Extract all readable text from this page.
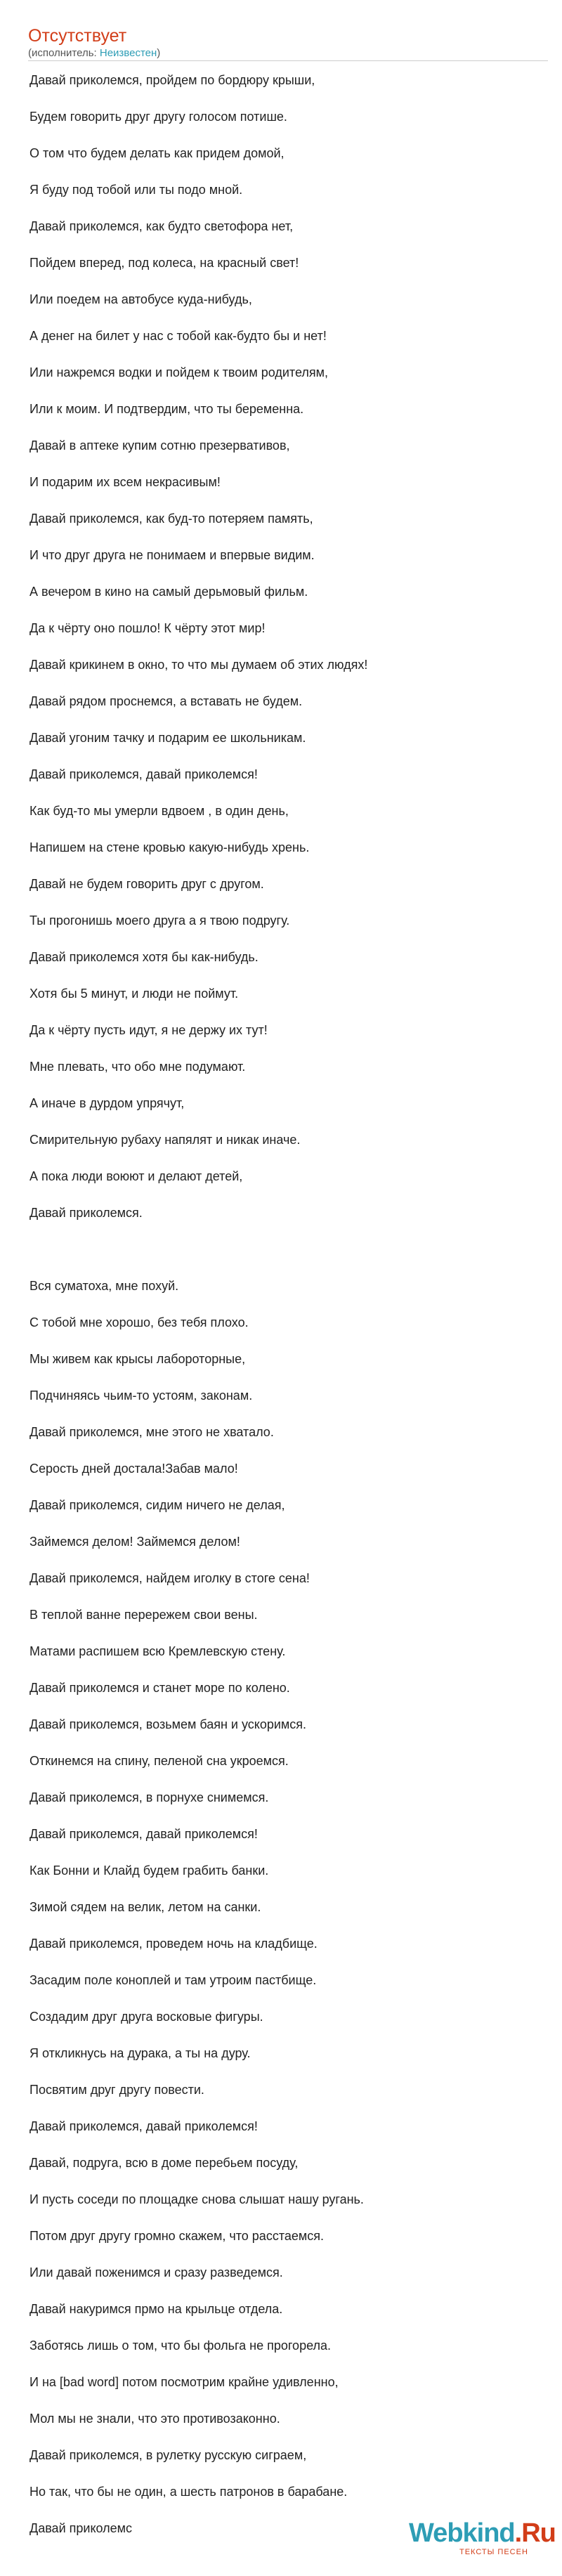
Отсутствует
(исполнитель: Неизвестен)
Давай приколемся, пройдем по бордюру крыши,
Будем говорить друг другу голосом потише.
О том что будем делать как придем домой,
Я буду под тобой или ты подо мной.
Давай приколемся, как будто светофора нет,
Пойдем вперед, под колеса, на красный свет!
Или поедем на автобусе куда-нибудь,
А денег на билет у нас с тобой как-будто бы и нет!
Или нажремся водки и пойдем к твоим родителям,
Или к моим. И подтвердим, что ты беременна.
Давай в аптеке купим сотню презервативов,
И подарим их всем некрасивым!
Давай приколемся, как буд-то потеряем память,
И что друг друга не понимаем и впервые видим.
А вечером в кино на самый дерьмовый фильм.
Да к чёрту оно пошло! К чёрту этот мир!
Давай крикинем в окно, то что мы думаем об этих людях!
Давай рядом проснемся, а вставать не будем.
Давай угоним тачку и подарим ее школьникам.
Давай приколемся, давай приколемся!
Как буд-то мы умерли вдвоем , в один день,
Напишем на стене кровью какую-нибудь хрень.
Давай не будем говорить друг с другом.
Ты прогонишь моего друга а я твою подругу.
Давай приколемся хотя бы как-нибудь.
Хотя бы 5 минут, и люди не поймут.
Да к чёрту пусть идут, я не держу их тут!
Мне плевать, что обо мне подумают.
А иначе в дурдом упрячут,
Смирительную рубаху напялят и никак иначе.
А пока люди воюют и делают детей,
Давай приколемся.
Вся суматоха, мне похуй.
С тобой мне хорошо, без тебя плохо.
Мы живем как крысы лабороторные,
Подчиняясь чьим-то устоям, законам.
Давай приколемся, мне этого не хватало.
Серость дней достала!Забав мало!
Давай приколемся, сидим ничего не делая,
Займемся делом! Займемся делом!
Давай приколемся, найдем иголку в стоге сена!
В теплой ванне перережем свои вены.
Матами распишем всю Кремлевскую стену.
Давай приколемся и станет море по колено.
Давай приколемся, возьмем баян и ускоримся.
Откинемся на спину, пеленой сна укроемся.
Давай приколемся, в порнухе снимемся.
Давай приколемся, давай приколемся!
Как Бонни и Клайд будем грабить банки.
Зимой сядем на велик, летом на санки.
Давай приколемся, проведем ночь на кладбище.
Засадим поле коноплей и там утроим пастбище.
Создадим друг друга восковые фигуры.
Я откликнусь на дурака, а ты на дуру.
Посвятим друг другу повести.
Давай приколемся, давай приколемся!
Давай, подруга, всю в доме перебьем посуду,
И пусть соседи по площадке снова слышат нашу ругань.
Потом друг другу громно скажем, что расстаемся.
Или давай поженимся и сразу разведемся.
Давай накуримся прмо на крыльце отдела.
Заботясь лишь о том, что бы фольга не прогорела.
И на [bad word] потом посмотрим крайне удивленно,
Мол мы не знали, что это противозаконно.
Давай приколемся, в рулетку русскую сиграем,
Но так, что бы не один, а шесть патронов в барабане.
Давай приколемс	Webkind.Ru
ТЕКСТЫ ПЕСЕН
